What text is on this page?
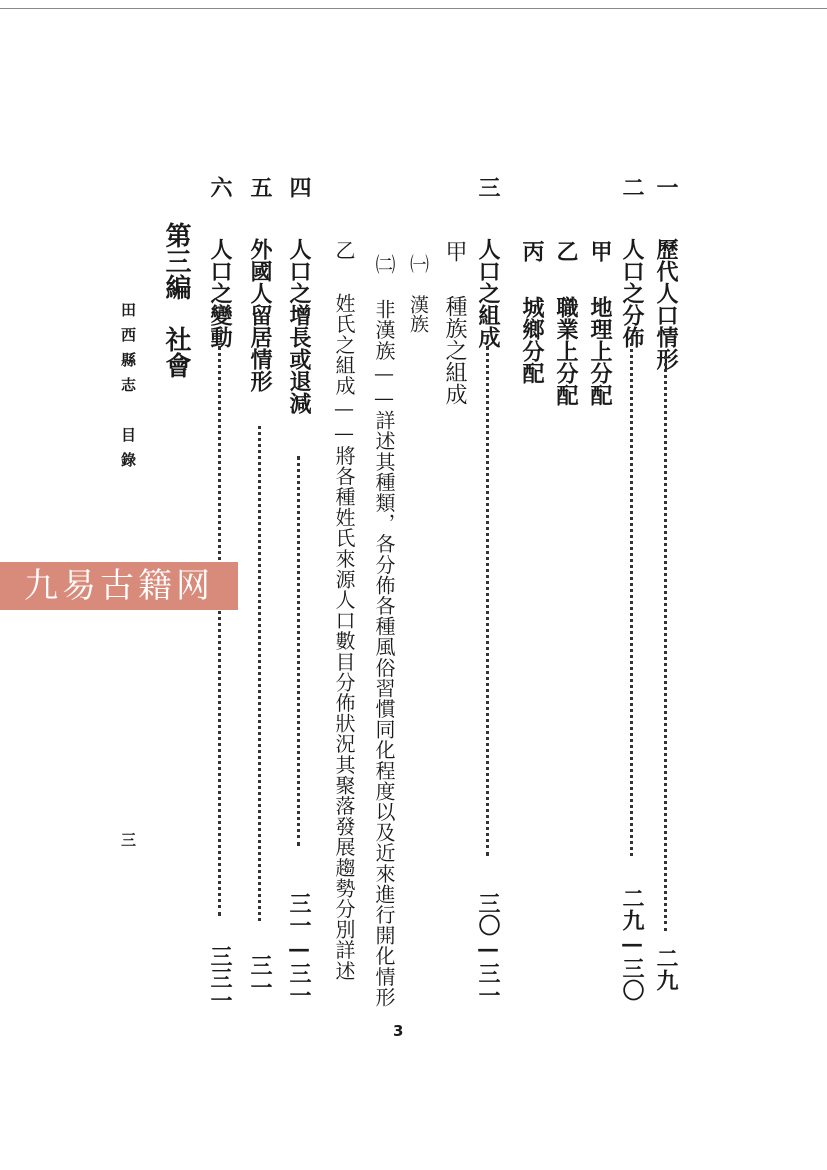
一 歷代人口情形
二九
二 人口之分佈
二九—三〇
甲 地理上分配
乙 職業上分配
丙 城鄉分配
三 人口之組成
三〇—三一
甲 種族之組成
㈠ 漢族
㈡ 非漢族——詳述其種類，各分佈各種風俗習慣同化程度以及近來進行開化情形
乙 姓氏之組成——將各種姓氏來源人口數目分佈狀況其聚落發展趨勢分別詳述
四 人口之增長或退減
三一—三一
五 外國人留居情形
三一
六 人口之變動
三三一
第三編　社會
田西縣志　目錄
三
3
九易古籍网
